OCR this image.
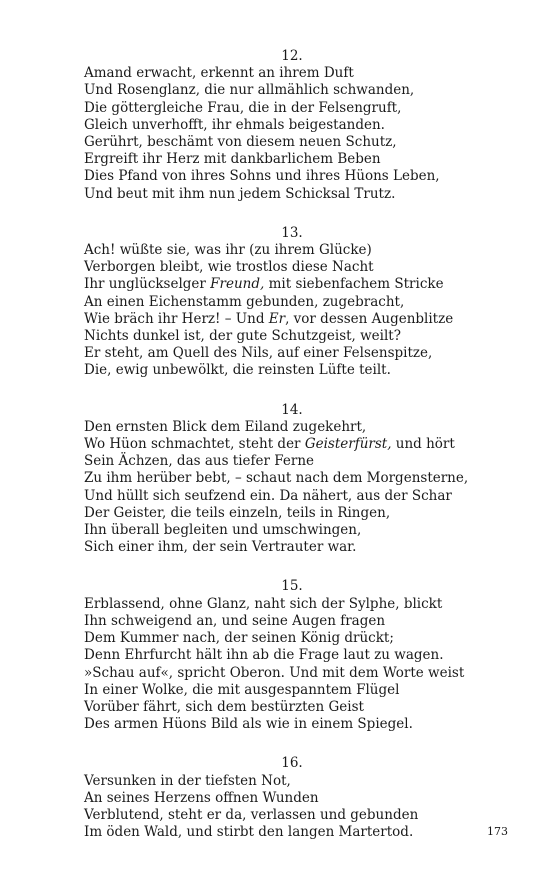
12.
Amand erwacht, erkennt an ihrem Duft
Und Rosenglanz, die nur allmählich schwanden,
Die göttergleiche Frau, die in der Felsengruft,
Gleich unverhofft, ihr ehmals beigestanden.
Gerührt, beschämt von diesem neuen Schutz,
Ergreift ihr Herz mit dankbarlichem Beben
Dies Pfand von ihres Sohns und ihres Hüons Leben,
Und beut mit ihm nun jedem Schicksal Trutz.
13.
Ach! wüßte sie, was ihr (zu ihrem Glücke)
Verborgen bleibt, wie trostlos diese Nacht
Ihr unglückselger Freund, mit siebenfachem Stricke
An einen Eichenstamm gebunden, zugebracht,
Wie bräch ihr Herz! – Und Er, vor dessen Augenblitze
Nichts dunkel ist, der gute Schutzgeist, weilt?
Er steht, am Quell des Nils, auf einer Felsenspitze,
Die, ewig unbewölkt, die reinsten Lüfte teilt.
14.
Den ernsten Blick dem Eiland zugekehrt,
Wo Hüon schmachtet, steht der Geisterfürst, und hört
Sein Ächzen, das aus tiefer Ferne
Zu ihm herüber bebt, – schaut nach dem Morgensterne,
Und hüllt sich seufzend ein. Da nähert, aus der Schar
Der Geister, die teils einzeln, teils in Ringen,
Ihn überall begleiten und umschwingen,
Sich einer ihm, der sein Vertrauter war.
15.
Erblassend, ohne Glanz, naht sich der Sylphe, blickt
Ihn schweigend an, und seine Augen fragen
Dem Kummer nach, der seinen König drückt;
Denn Ehrfurcht hält ihn ab die Frage laut zu wagen.
»Schau auf«, spricht Oberon. Und mit dem Worte weist
In einer Wolke, die mit ausgespanntem Flügel
Vorüber fährt, sich dem bestürzten Geist
Des armen Hüons Bild als wie in einem Spiegel.
16.
Versunken in der tiefsten Not,
An seines Herzens offnen Wunden
Verblutend, steht er da, verlassen und gebunden
Im öden Wald, und stirbt den langen Martertod.	173
